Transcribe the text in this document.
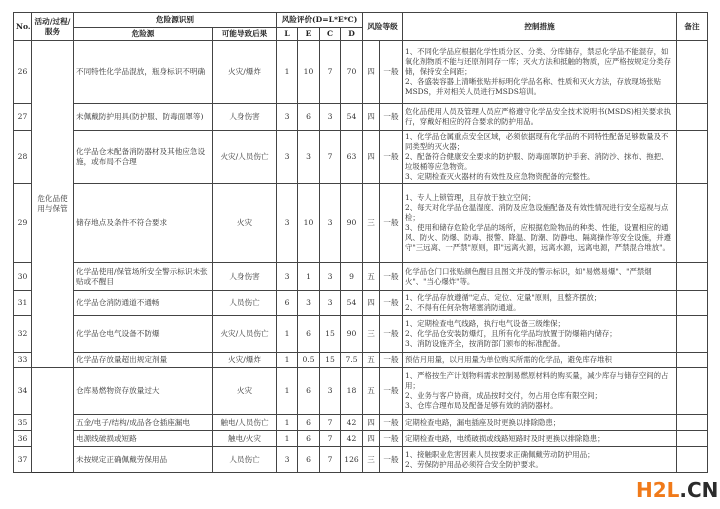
No.	活动/过程/服务	危险源识别		风险评价(D=L*E*C)				风险等级		控制措施	备注
		危险源	可能导致后果	L	E	C	D				
26	危化品使用与保管	不同特性化学品混放，瓶身标识不明确	火灾/爆炸	1	10	7	70	四	一般	1、不同化学品应根据化学性质分区、分类、分库储存，禁忌化学品不能混存，如氧化剂物质不能与还原剂同存一库；灭火方法和抵触的物质，应严格按规定分类存储，保持安全间距；
2、各盛装容器上清晰张贴并标明化学品名称、性质和灭火方法，存放现场张贴MSDS，并对相关人员进行MSDS培训。	
27		未佩戴防护用具(防护服、防毒面罩等)	人身伤害	3	6	3	54	四	一般	危化品使用人员及管理人员应严格遵守化学品安全技术说明书(MSDS)相关要求执行，穿戴好相应的符合要求的防护用品。	
28		化学品仓未配备消防器材及其他应急设施，或布局不合理	火灾/人员伤亡	3	3	7	63	四	一般	1、化学品仓属重点安全区域，必须依据现有化学品的不同特性配备足够数量及不同类型的灭火器；
2、配备符合健康安全要求的防护服、防毒面罩防护手套、消防沙、抹布、拖把、垃圾桶等应急物资。
3、定期检查灭火器材的有效性及应急物资配备的完整性。	
29		储存地点及条件不符合要求	火灾	3	10	3	90	三	一般	1、专人上锁管理，且存放于独立空间；
2、每天对化学品仓温湿度、消防及应急设施配备及有效性情况进行安全巡视与点检；
3、使用和储存危险化学品的场所，应根据危险物品的种类、性能，设置相应的通风、防火、防爆、防毒、报警、降温、防潮、防静电、隔离操作等安全设施，并遵守"三远离、一严禁"原则，即"远离火源，远离水源，远离电源，严禁混合堆放"。	
30		化学品使用/保管场所安全警示标识未张贴或不醒目	人身伤害	3	1	3	9	五	一般	化学品仓门口张贴颜色醒目且图文并茂的警示标识，如"易燃易爆"、"严禁烟火"、"当心爆炸"等。	
31		化学品仓消防通道不通畅	人员伤亡	6	3	3	54	四	一般	1、化学品存放遵循"定点、定位、定量"原则，且整齐摆放；
2、不得有任何杂物堵塞消防通道。	
32		化学品仓电气设备不防爆	火灾/人员伤亡	1	6	15	90	三	一般	1、定期检查电气线路，执行电气设备三级维保；
2、化学品仓安装防爆灯，且所有化学品均放置于防爆箱内储存；
3、消防设施齐全，按消防部门颁布的标准配备。	
33		化学品存放量超出规定剂量	火灾/爆炸	1	0.5	15	7.5	五	一般	预估月用量，以月用量为单位购买所需的化学品，避免库存堆积	
34		仓库易燃物资存放量过大	火灾	1	6	3	18	五	一般	1、严格按生产计划物料需求控制易燃原材料的购买量，减少库存与储存空间的占用；
2、业务与客户协商，成品按时交付，勿占用仓库有限空间；
3、仓库合理布局及配备足够有效的消防器材。	
35		五金/电子/结构/成品各仓插座漏电	触电/人员伤亡	1	6	7	42	四	一般	定期检查电路，漏电插座及时更换以排除隐患；	
36		电源线破损或短路	触电/火灾	1	6	7	42	四	一般	定期检查电路，电缆破损或线路短路时及时更换以排除隐患；	
37		未按规定正确佩戴劳保用品	人员伤亡	3	6	7	126	三	一般	1、接触职业危害因素人员按要求正确佩戴劳动防护用品；
2、劳保防护用品必须符合安全防护要求。	
H2L.CN
